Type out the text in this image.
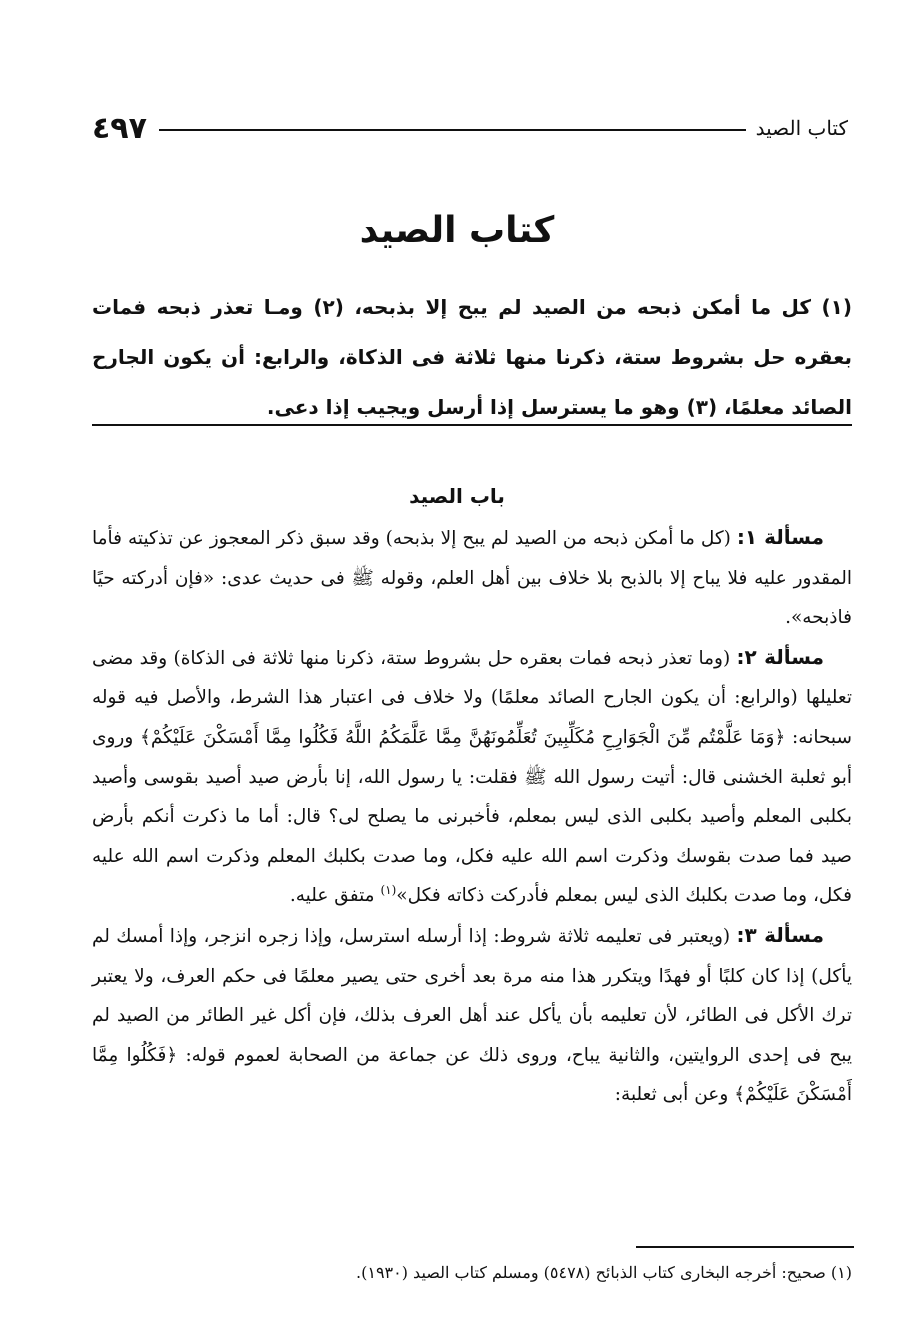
كتاب الصيد
٤٩٧
كتاب الصيد
(١) كل ما أمكن ذبحه من الصيد لم يبح إلا بذبحه، (٢) ومـا تعذر ذبحه فمات بعقره حل بشروط ستة، ذكرنا منها ثلاثة فى الذكاة، والرابع: أن يكون الجارح الصائد معلمًا، (٣) وهو ما يسترسل إذا أرسل ويجيب إذا دعى.
باب الصيد

مسألة ١: (كل ما أمكن ذبحه من الصيد لم يبح إلا بذبحه) وقد سبق ذكر المعجوز عن تذكيته فأما المقدور عليه فلا يباح إلا بالذبح بلا خلاف بين أهل العلم، وقوله ﷺ فى حديث عدى: «فإن أدركته حيًا فاذبحه».

مسألة ٢: (وما تعذر ذبحه فمات بعقره حل بشروط ستة، ذكرنا منها ثلاثة فى الذكاة) وقد مضى تعليلها (والرابع: أن يكون الجارح الصائد معلمًا) ولا خلاف فى اعتبار هذا الشرط، والأصل فيه قوله سبحانه: ﴿وَمَا عَلَّمْتُم مِّنَ الْجَوَارِحِ مُكَلِّبِينَ تُعَلِّمُونَهُنَّ مِمَّا عَلَّمَكُمُ اللَّهُ فَكُلُوا مِمَّا أَمْسَكْنَ عَلَيْكُمْ﴾ وروى أبو ثعلبة الخشنى قال: أتيت رسول الله ﷺ فقلت: يا رسول الله، إنا بأرض صيد أصيد بقوسى وأصيد بكلبى المعلم وأصيد بكلبى الذى ليس بمعلم، فأخبرنى ما يصلح لى؟ قال: أما ما ذكرت أنكم بأرض صيد فما صدت بقوسك وذكرت اسم الله عليه فكل، وما صدت بكلبك المعلم وذكرت اسم الله عليه فكل، وما صدت بكلبك الذى ليس بمعلم فأدركت ذكاته فكل»$^{(١)}$ متفق عليه.

مسألة ٣: (ويعتبر فى تعليمه ثلاثة شروط: إذا أرسله استرسل، وإذا زجره انزجر، وإذا أمسك لم يأكل) إذا كان كلبًا أو فهدًا ويتكرر هذا منه مرة بعد أخرى حتى يصير معلمًا فى حكم العرف، ولا يعتبر ترك الأكل فى الطائر، لأن تعليمه بأن يأكل عند أهل العرف بذلك، فإن أكل غير الطائر من الصيد لم يبح فى إحدى الروايتين، والثانية يباح، وروى ذلك عن جماعة من الصحابة لعموم قوله: ﴿فَكُلُوا مِمَّا أَمْسَكْنَ عَلَيْكُمْ﴾ وعن أبى ثعلبة:

(١) صحيح: أخرجه البخارى كتاب الذبائح (٥٤٧٨) ومسلم كتاب الصيد (١٩٣٠).
